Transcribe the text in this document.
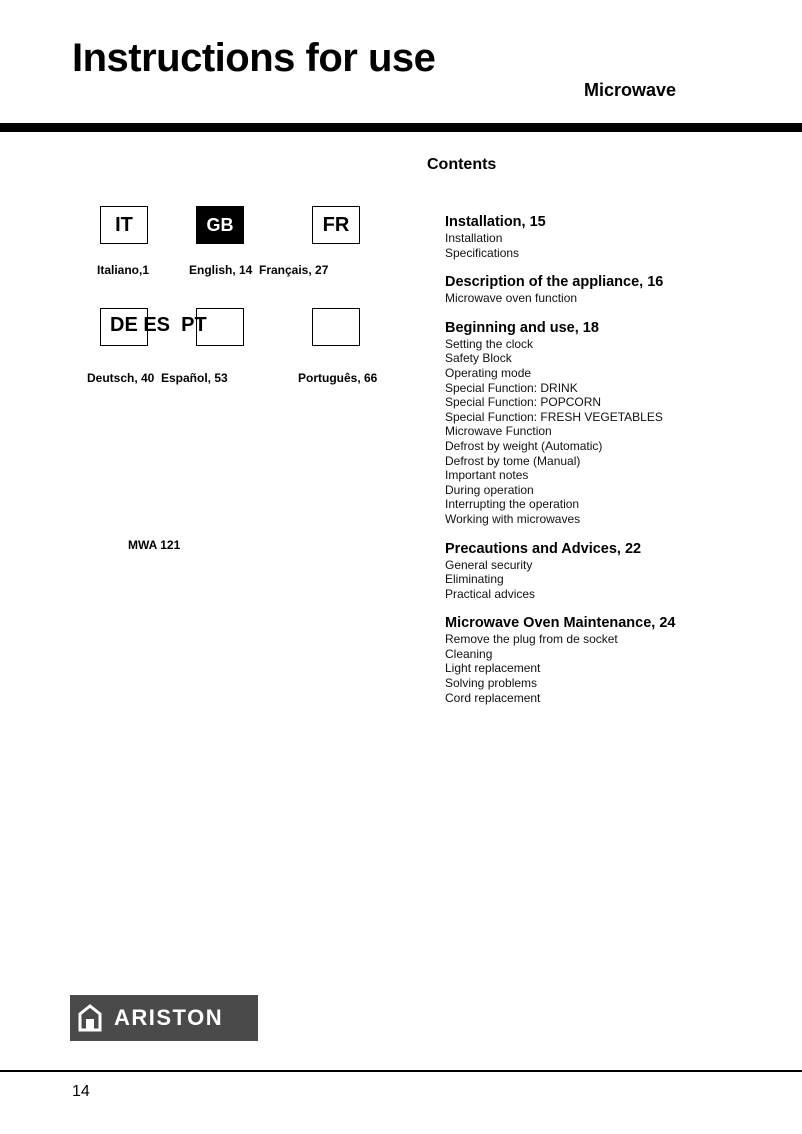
Instructions for use
Microwave
Contents
IT	GB	FR
Italiano,1	English, 14 Français, 27
DE ES  PT
Deutsch, 40 Español, 53	Português, 66
MWA 121
Installation, 15
Installation
Specifications
Description of the appliance, 16
Microwave oven function
Beginning and use, 18
Setting the clock
Safety Block
Operating mode
Special Function: DRINK
Special Function: POPCORN
Special Function: FRESH VEGETABLES
Microwave Function
Defrost by weight (Automatic)
Defrost by tome (Manual)
Important notes
During operation
Interrupting the operation
Working with microwaves
Precautions and Advices, 22
General security
Eliminating
Practical advices
Microwave Oven Maintenance, 24
Remove the plug from de socket
Cleaning
Light replacement
Solving problems
Cord replacement
ARISTON
14
